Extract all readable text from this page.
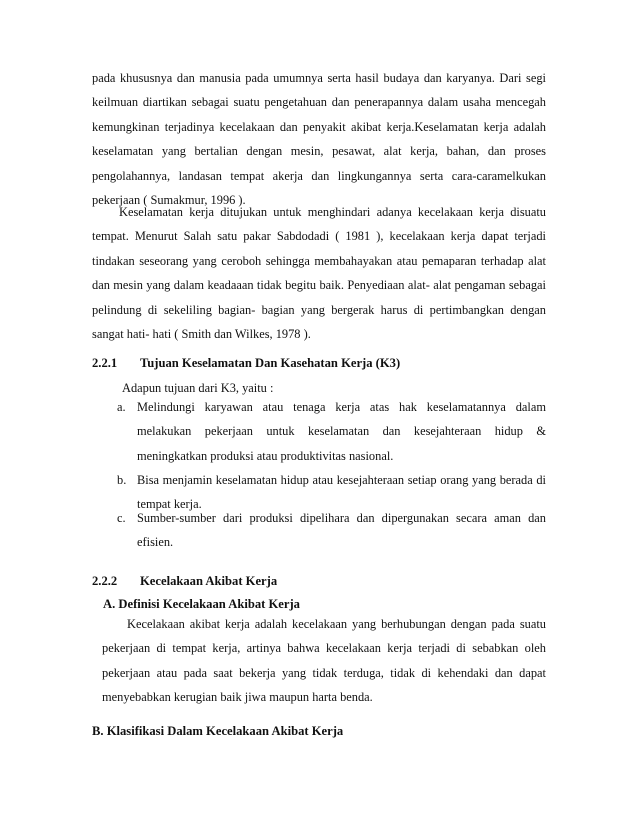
pada khususnya dan manusia pada umumnya serta hasil budaya dan karyanya. Dari segi keilmuan diartikan sebagai suatu pengetahuan dan penerapannya dalam usaha mencegah kemungkinan terjadinya kecelakaan dan penyakit akibat kerja.Keselamatan kerja adalah keselamatan yang bertalian dengan mesin, pesawat, alat kerja, bahan, dan proses pengolahannya, landasan tempat akerja dan lingkungannya serta cara-caramelkukan pekerjaan ( Sumakmur, 1996 ).
Keselamatan kerja ditujukan untuk menghindari adanya kecelakaan kerja disuatu tempat. Menurut Salah satu pakar Sabdodadi ( 1981 ), kecelakaan kerja dapat terjadi tindakan seseorang yang ceroboh sehingga membahayakan atau pemaparan terhadap alat dan mesin yang dalam keadaaan tidak begitu baik. Penyediaan alat- alat pengaman sebagai pelindung di sekeliling bagian- bagian yang bergerak harus di pertimbangkan dengan sangat hati- hati ( Smith dan Wilkes, 1978 ).
2.2.1 Tujuan Keselamatan Dan Kasehatan Kerja (K3)
Adapun tujuan dari K3, yaitu :
a. Melindungi karyawan atau tenaga kerja atas hak keselamatannya dalam melakukan pekerjaan untuk keselamatan dan kesejahteraan hidup & meningkatkan produksi atau produktivitas nasional.
b. Bisa menjamin keselamatan hidup atau kesejahteraan setiap orang yang berada di tempat kerja.
c. Sumber-sumber dari produksi dipelihara dan dipergunakan secara aman dan efisien.
2.2.2 Kecelakaan Akibat Kerja
A. Definisi Kecelakaan Akibat Kerja
Kecelakaan akibat kerja adalah kecelakaan yang berhubungan dengan pada suatu pekerjaan di tempat kerja, artinya bahwa kecelakaan kerja terjadi di sebabkan oleh pekerjaan atau pada saat bekerja yang tidak terduga, tidak di kehendaki dan dapat menyebabkan kerugian baik jiwa maupun harta benda.
B. Klasifikasi Dalam Kecelakaan Akibat Kerja
